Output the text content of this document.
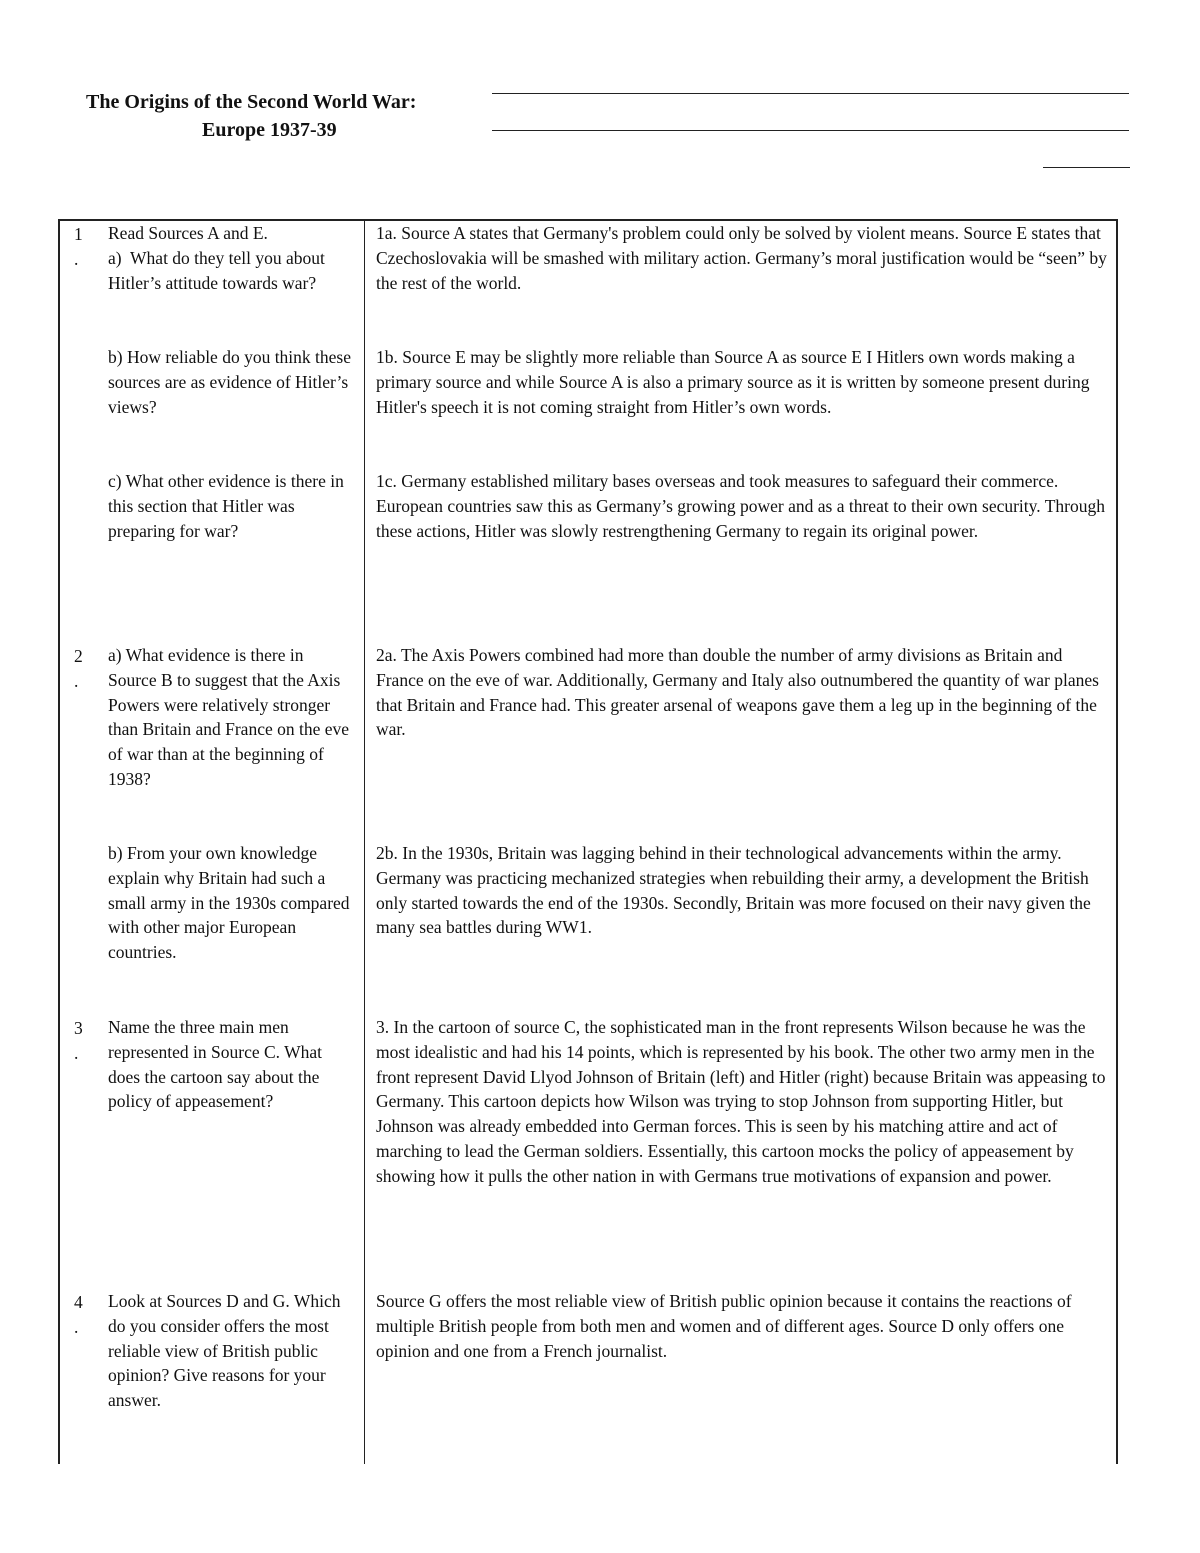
The Origins of the Second World War:
Europe 1937-39
1
.
Read Sources A and E.
a)  What do they tell you about Hitler’s attitude towards war?
1a. Source A states that Germany's problem could only be solved by violent means. Source E states that Czechoslovakia will be smashed with military action. Germany’s moral justification would be “seen” by the rest of the world.
b) How reliable do you think these sources are as evidence of Hitler’s views?
1b. Source E may be slightly more reliable than Source A as source E I Hitlers own words making a primary source and while Source A is also a primary source as it is written by someone present during Hitler's speech it is not coming straight from Hitler’s own words.
c) What other evidence is there in this section that Hitler was preparing for war?
1c. Germany established military bases overseas and took measures to safeguard their commerce. European countries saw this as Germany’s growing power and as a threat to their own security. Through these actions, Hitler was slowly restrengthening Germany to regain its original power.
2
.
a) What evidence is there in Source B to suggest that the Axis Powers were relatively stronger than Britain and France on the eve of war than at the beginning of 1938?
2a. The Axis Powers combined had more than double the number of army divisions as Britain and France on the eve of war. Additionally, Germany and Italy also outnumbered the quantity of war planes that Britain and France had. This greater arsenal of weapons gave them a leg up in the beginning of the war.
b) From your own knowledge explain why Britain had such a small army in the 1930s compared with other major European countries.
2b. In the 1930s, Britain was lagging behind in their technological advancements within the army. Germany was practicing mechanized strategies when rebuilding their army, a development the British only started towards the end of the 1930s. Secondly, Britain was more focused on their navy given the many sea battles during WW1.
3
.
Name the three main men represented in Source C. What does the cartoon say about the policy of appeasement?
3. In the cartoon of source C, the sophisticated man in the front represents Wilson because he was the most idealistic and had his 14 points, which is represented by his book. The other two army men in the front represent David Llyod Johnson of Britain (left) and Hitler (right) because Britain was appeasing to Germany. This cartoon depicts how Wilson was trying to stop Johnson from supporting Hitler, but Johnson was already embedded into German forces. This is seen by his matching attire and act of marching to lead the German soldiers. Essentially, this cartoon mocks the policy of appeasement by showing how it pulls the other nation in with Germans true motivations of expansion and power.
4
.
Look at Sources D and G. Which do you consider offers the most reliable view of British public opinion? Give reasons for your answer.
Source G offers the most reliable view of British public opinion because it contains the reactions of multiple British people from both men and women and of different ages. Source D only offers one opinion and one from a French journalist.
